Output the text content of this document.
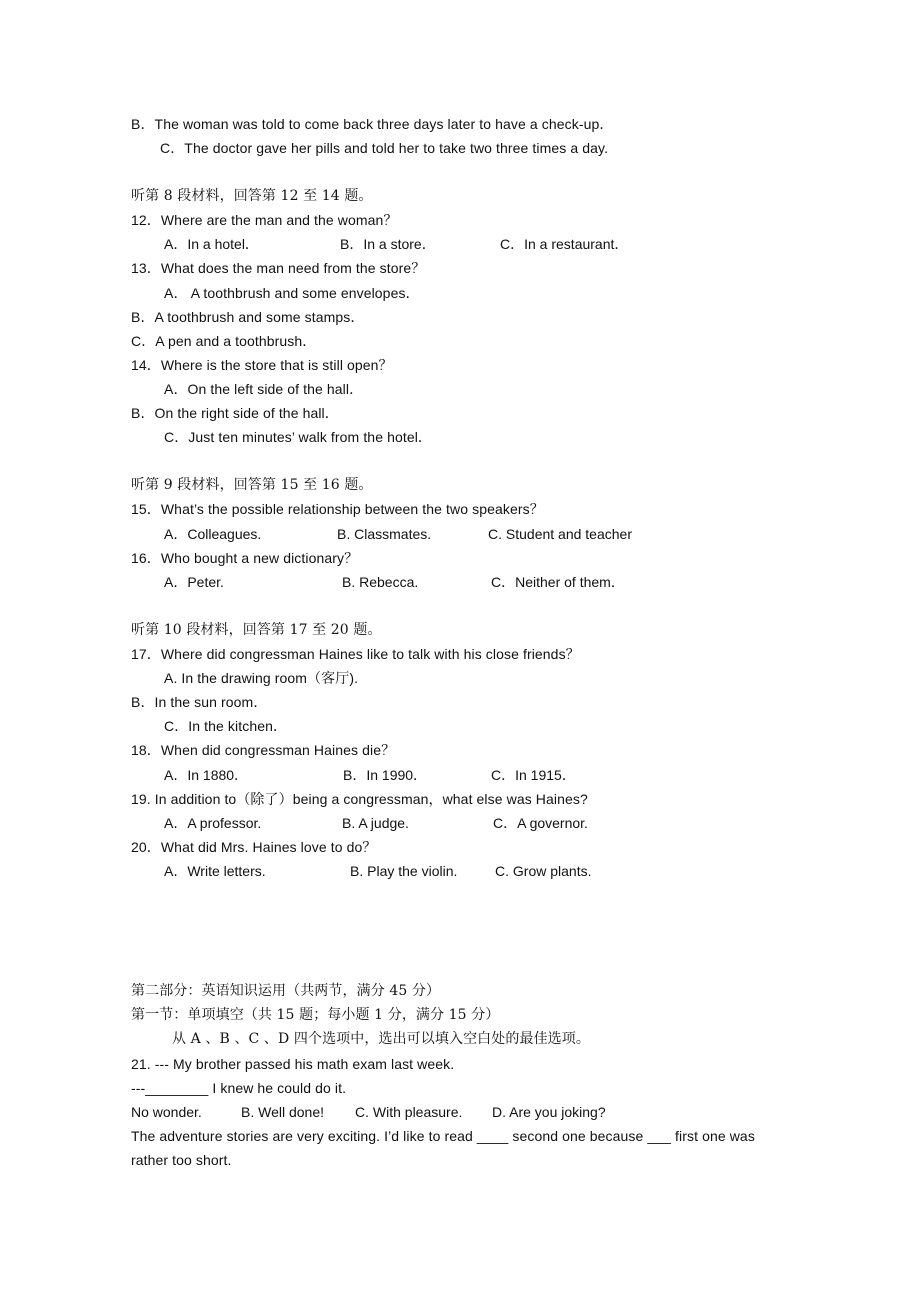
B．The woman was told to come back three days later to have a check-up．
C．The doctor gave her pills and told her to take two three times a day.
听第 8 段材料，回答第 12 至 14 题。
12．Where are the man and the woman？
A．In a hotel．	B．In a store．	C．In a restaurant．
13．What does the man need from the store？
A． A toothbrush and some envelopes．
B．A toothbrush and some stamps．
C．A pen and a toothbrush．
14．Where is the store that is still open？
A．On the left side of the hall．
B．On the right side of the hall．
C．Just ten minutes’ walk from the hotel．
听第 9 段材料，回答第 15 至 16 题。
15．What’s the possible relationship between the two speakers？
A．Colleagues.	B. Classmates.	C. Student and teacher
16．Who bought a new dictionary？
A．Peter.	B. Rebecca.	C．Neither of them．
听第 10 段材料，回答第 17 至 20 题。
17．Where did congressman Haines like to talk with his close friends？
A. In the drawing room（客厅).
B．In the sun room．
C．In the kitchen．
18．When did congressman Haines die？
A．In 1880．	B．In 1990．	C．In 1915．
19. In addition to（除了）being a congressman，what else was Haines?
A．A professor.	B. A judge.	C．A governor.
20．What did Mrs. Haines love to do？
A．Write letters.	B. Play the violin.	C. Grow plants.
第二部分：英语知识运用（共两节，满分 45 分）
第一节：单项填空（共 15 题；每小题 1 分，满分 15 分）
从 A 、B 、C 、D 四个选项中，选出可以填入空白处的最佳选项。
21. --- My brother passed his math exam last week.
---________ I knew he could do it.
No wonder.	B. Well done! C. With pleasure. D. Are you joking?
The adventure stories are very exciting. I’d like to read ____ second one because ___ first one was
rather too short.
